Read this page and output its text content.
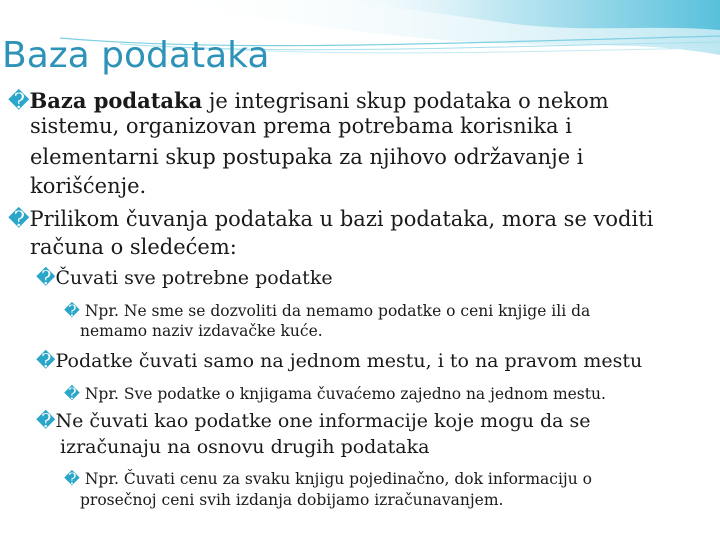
Baza podataka
�Baza podataka je integrisani skup podataka o nekom
sistemu, organizovan prema potrebama korisnika i
elementarni skup postupaka za njihovo održavanje i
korišćenje.
�Prilikom čuvanja podataka u bazi podataka, mora se voditi
računa o sledećem:
�Čuvati sve potrebne podatke
� Npr. Ne sme se dozvoliti da nemamo podatke o ceni knjige ili da
nemamo naziv izdavačke kuće.
�Podatke čuvati samo na jednom mestu, i to na pravom mestu
� Npr. Sve podatke o knjigama čuvaćemo zajedno na jednom mestu.
�Ne čuvati kao podatke one informacije koje mogu da se
izračunaju na osnovu drugih podataka
� Npr. Čuvati cenu za svaku knjigu pojedinačno, dok informaciju o
prosečnoj ceni svih izdanja dobijamo izračunavanjem.
